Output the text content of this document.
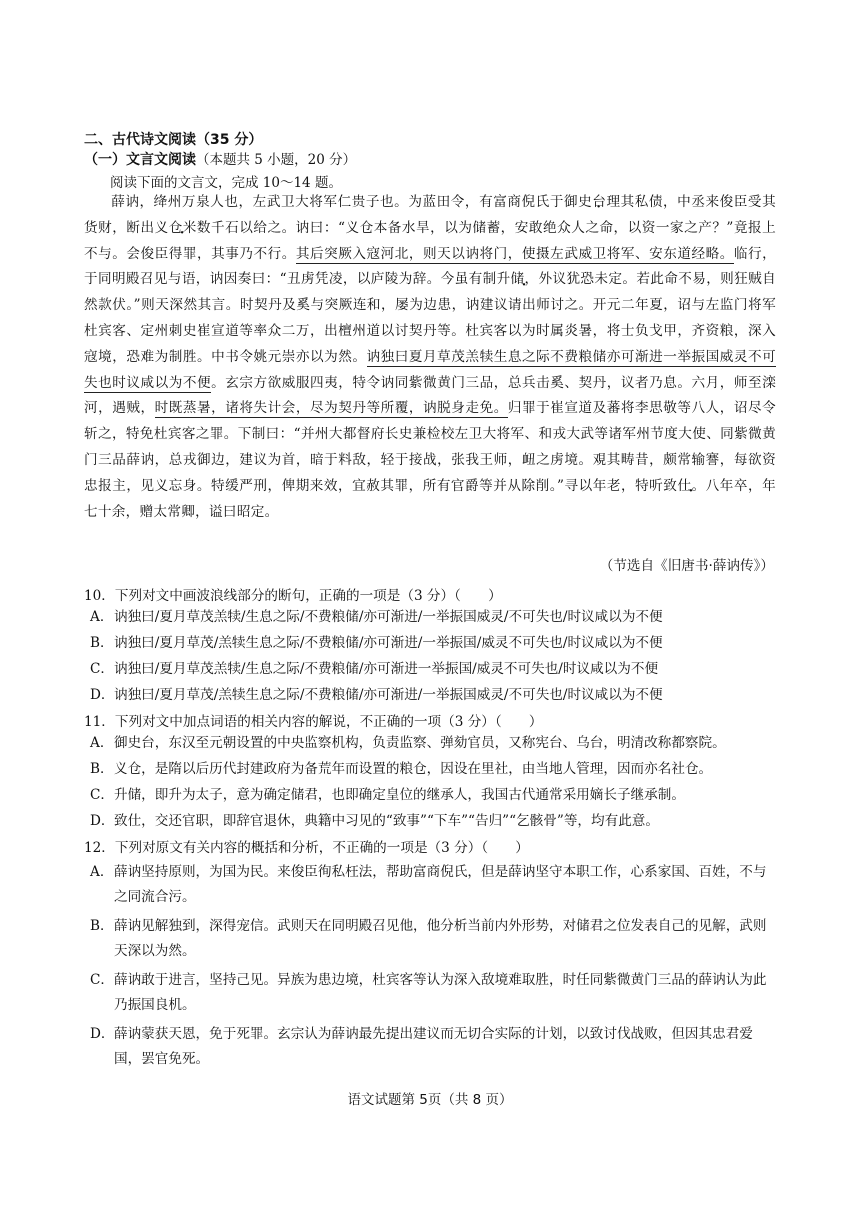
二、古代诗文阅读（35 分）
（一）文言文阅读（本题共 5 小题，20 分）
阅读下面的文言文，完成 10～14 题。
薛讷，绛州万泉人也，左武卫大将军仁贵子也。为蓝田令，有富商倪氏于御史台理其私债，中丞来俊臣受其货财，断出义仓米数千石以给之。讷曰：“义仓本备水旱，以为储蓄，安敢绝众人之命，以资一家之产？”竟报上不与。会俊臣得罪，其事乃不行。其后突厥入寇河北，则天以讷将门，使摄左武威卫将军、安东道经略。临行，于同明殿召见与语，讷因奏曰：“丑虏凭凌，以庐陵为辞。今虽有制升储，外议犹恐未定。若此命不易，则狂贼自然款伏。”则天深然其言。时契丹及奚与突厥连和，屡为边患，讷建议请出师讨之。开元二年夏，诏与左监门将军杜宾客、定州刺史崔宣道等率众二万，出檀州道以讨契丹等。杜宾客以为时属炎暑，将士负戈甲，齐资粮，深入寇境，恐难为制胜。中书令姚元崇亦以为然。讷独曰夏月草茂羔犊生息之际不费粮储亦可渐进一举振国威灵不可失也时议咸以为不便。玄宗方欲威服四夷，特令讷同紫微黄门三品，总兵击奚、契丹，议者乃息。六月，师至滦河，遇贼，时既蒸暑，诸将失计会，尽为契丹等所覆，讷脱身走免。归罪于崔宣道及蕃将李思敬等八人，诏尽令斩之，特免杜宾客之罪。下制曰：“并州大都督府长史兼检校左卫大将军、和戎大武等诸军州节度大使、同紫微黄门三品薛讷，总戎御边，建议为首，暗于料敌，轻于接战，张我王师，衄之虏境。覌其畴昔，颇常输謇，每欲资忠报主，见义忘身。特缓严刑，俾期来效，宜赦其罪，所有官爵等并从除削。”寻以年老，特听致仕。八年卒，年七十余，赠太常卿，谥曰昭定。
（节选自《旧唐书·薛讷传》）
10．下列对文中画波浪线部分的断句，正确的一项是（3 分）（　　）
A． 讷独曰/夏月草茂羔犊/生息之际/不费粮储/亦可渐进/一举振国威灵/不可失也/时议咸以为不便
B． 讷独曰/夏月草茂/羔犊生息之际/不费粮储/亦可渐进/一举振国/威灵不可失也/时议咸以为不便
C． 讷独曰/夏月草茂羔犊/生息之际/不费粮储/亦可渐进一举振国/威灵不可失也/时议咸以为不便
D． 讷独曰/夏月草茂/羔犊生息之际/不费粮储/亦可渐进/一举振国威灵/不可失也/时议咸以为不便
11．下列对文中加点词语的相关内容的解说，不正确的一项（3 分）（　　）
A． 御史台，东汉至元朝设置的中央监察机构，负责监察、弹劾官员，又称宪台、乌台，明清改称都察院。
B． 义仓，是隋以后历代封建政府为备荒年而设置的粮仓，因设在里社，由当地人管理，因而亦名社仓。
C． 升储，即升为太子，意为确定储君，也即确定皇位的继承人，我国古代通常采用嫡长子继承制。
D． 致仕，交还官职，即辞官退休，典籍中习见的“致事”“下车”“告归”“乞骸骨”等，均有此意。
12．下列对原文有关内容的概括和分析，不正确的一项是（3 分）（　　）
A． 薛讷坚持原则，为国为民。来俊臣徇私枉法，帮助富商倪氏，但是薛讷坚守本职工作，心系家国、百姓，不与之同流合污。
B． 薛讷见解独到，深得宠信。武则天在同明殿召见他，他分析当前内外形势，对储君之位发表自己的见解，武则天深以为然。
C． 薛讷敢于进言，坚持己见。异族为患边境，杜宾客等认为深入敌境难取胜，时任同紫微黄门三品的薛讷认为此乃振国良机。
D． 薛讷蒙获天恩，免于死罪。玄宗认为薛讷最先提出建议而无切合实际的计划，以致讨伐战败，但因其忠君爱国，罢官免死。
语文试题第 5页（共 8 页）
